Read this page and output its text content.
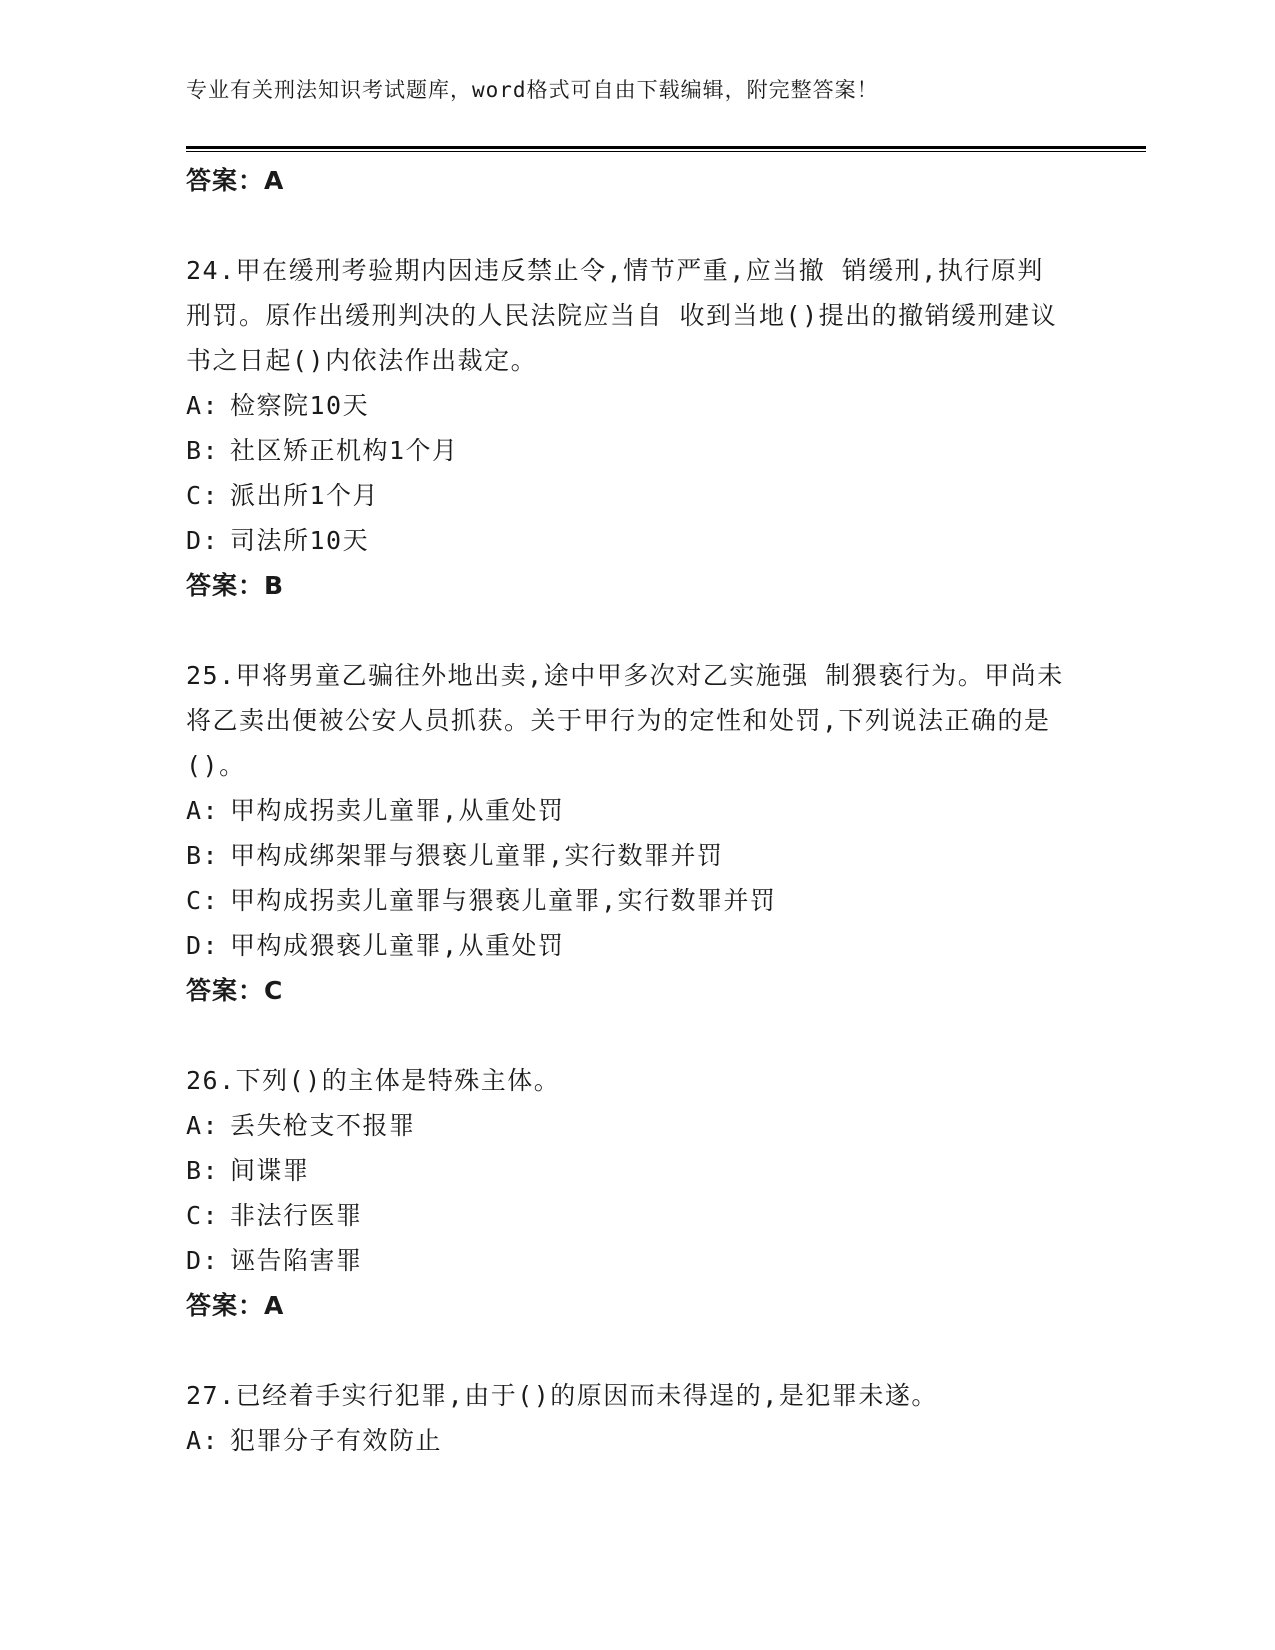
专业有关刑法知识考试题库，word格式可自由下载编辑，附完整答案！
答案：A
24.甲在缓刑考验期内因违反禁止令,情节严重,应当撤 销缓刑,执行原判刑罚。原作出缓刑判决的人民法院应当自 收到当地()提出的撤销缓刑建议书之日起()内依法作出裁定。
A: 检察院10天
B: 社区矫正机构1个月
C: 派出所1个月
D: 司法所10天
答案：B
25.甲将男童乙骗往外地出卖,途中甲多次对乙实施强 制猥亵行为。甲尚未将乙卖出便被公安人员抓获。关于甲行为的定性和处罚,下列说法正确的是()。
A: 甲构成拐卖儿童罪,从重处罚
B: 甲构成绑架罪与猥亵儿童罪,实行数罪并罚
C: 甲构成拐卖儿童罪与猥亵儿童罪,实行数罪并罚
D: 甲构成猥亵儿童罪,从重处罚
答案：C
26.下列()的主体是特殊主体。
A: 丢失枪支不报罪
B: 间谍罪
C: 非法行医罪
D: 诬告陷害罪
答案：A
27.已经着手实行犯罪,由于()的原因而未得逞的,是犯罪未遂。
A: 犯罪分子有效防止
